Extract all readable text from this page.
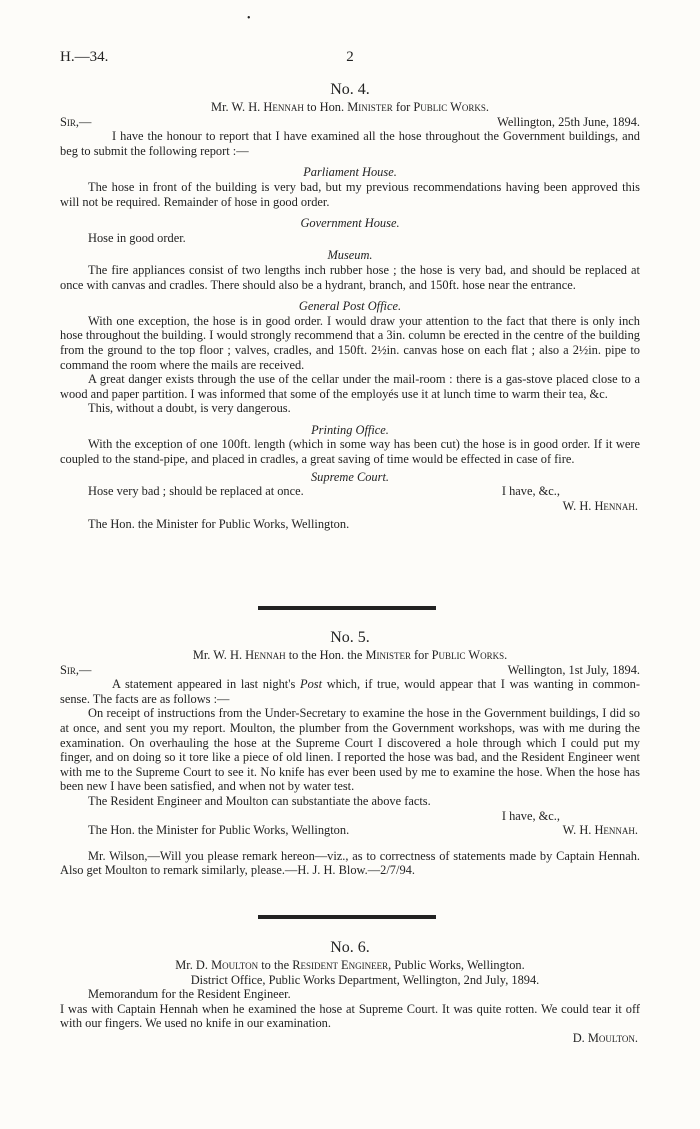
•
H.—34.	2
No. 4.
Mr. W. H. Hennah to Hon. Minister for Public Works.
Sir,—	Wellington, 25th June, 1894.
I have the honour to report that I have examined all the hose throughout the Government buildings, and beg to submit the following report :—
Parliament House.
The hose in front of the building is very bad, but my previous recommendations having been approved this will not be required. Remainder of hose in good order.
Government House.
Hose in good order.
Museum.
The fire appliances consist of two lengths inch rubber hose ; the hose is very bad, and should be replaced at once with canvas and cradles. There should also be a hydrant, branch, and 150ft. hose near the entrance.
General Post Office.
With one exception, the hose is in good order. I would draw your attention to the fact that there is only inch hose throughout the building. I would strongly recommend that a 3in. column be erected in the centre of the building from the ground to the top floor ; valves, cradles, and 150ft. 2½in. canvas hose on each flat ; also a 2½in. pipe to command the room where the mails are received.
A great danger exists through the use of the cellar under the mail-room : there is a gas-stove placed close to a wood and paper partition. I was informed that some of the employés use it at lunch time to warm their tea, &c.
This, without a doubt, is very dangerous.
Printing Office.
With the exception of one 100ft. length (which in some way has been cut) the hose is in good order. If it were coupled to the stand-pipe, and placed in cradles, a great saving of time would be effected in case of fire.
Supreme Court.
Hose very bad ; should be replaced at once.	I have, &c.,
W. H. Hennah.
The Hon. the Minister for Public Works, Wellington.
No. 5.
Mr. W. H. Hennah to the Hon. the Minister for Public Works.
Sir,—	Wellington, 1st July, 1894.
A statement appeared in last night's Post which, if true, would appear that I was wanting in common-sense. The facts are as follows :—
On receipt of instructions from the Under-Secretary to examine the hose in the Government buildings, I did so at once, and sent you my report. Moulton, the plumber from the Government workshops, was with me during the examination. On overhauling the hose at the Supreme Court I discovered a hole through which I could put my finger, and on doing so it tore like a piece of old linen. I reported the hose was bad, and the Resident Engineer went with me to the Supreme Court to see it. No knife has ever been used by me to examine the hose. When the hose has been new I have been satisfied, and when not by water test.
The Resident Engineer and Moulton can substantiate the above facts.
I have, &c.,
The Hon. the Minister for Public Works, Wellington.	W. H. Hennah.
Mr. Wilson,—Will you please remark hereon—viz., as to correctness of statements made by Captain Hennah. Also get Moulton to remark similarly, please.—H. J. H. Blow.—2/7/94.
No. 6.
Mr. D. Moulton to the Resident Engineer, Public Works, Wellington.
District Office, Public Works Department, Wellington, 2nd July, 1894.
Memorandum for the Resident Engineer.
I was with Captain Hennah when he examined the hose at Supreme Court. It was quite rotten. We could tear it off with our fingers. We used no knife in our examination.
D. Moulton.
